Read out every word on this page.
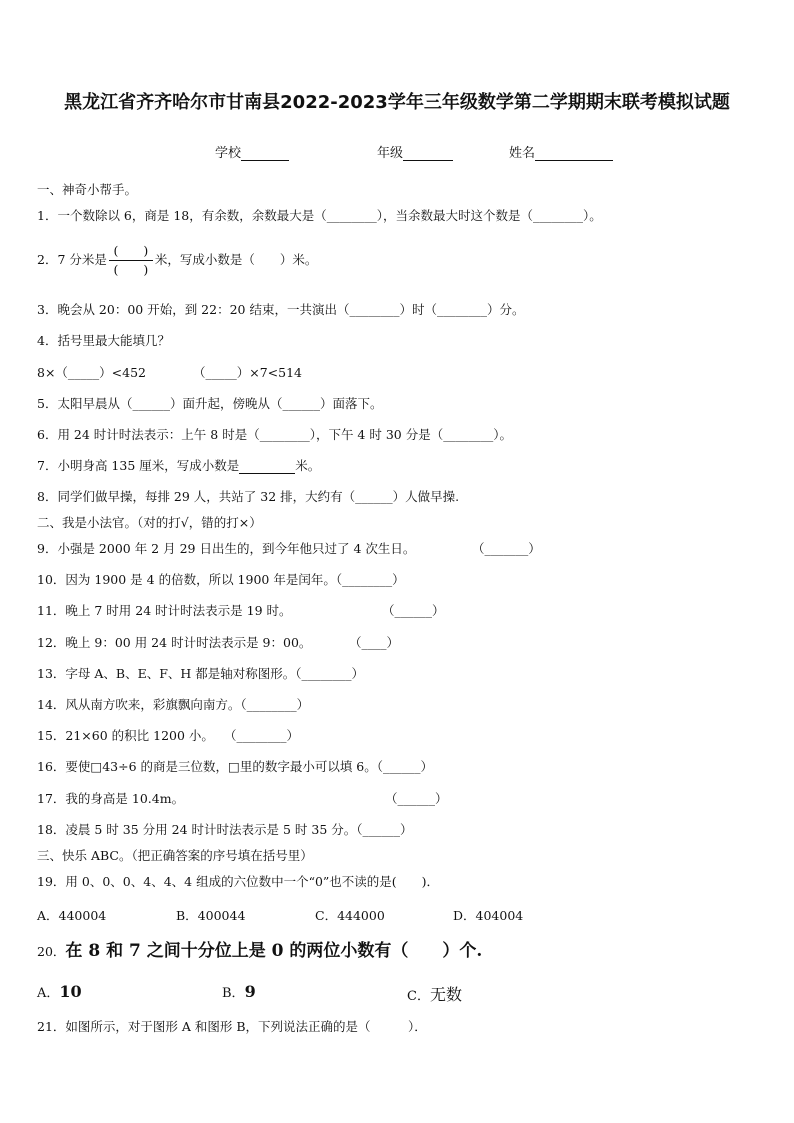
黑龙江省齐齐哈尔市甘南县2022-2023学年三年级数学第二学期期末联考模拟试题
学校	年级	姓名
一、神奇小帮手。
1．一个数除以 6，商是 18，有余数，余数最大是（________），当余数最大时这个数是（________）。
2．7 分米是 $\frac{( )}{( )}$ 米，写成小数是（　　）米。
3．晚会从 20：00 开始，到 22：20 结束，一共演出（________）时（________）分。
4．括号里最大能填几？
8×（_____）<452	（_____）×7<514
5．太阳早晨从（______）面升起，傍晚从（______）面落下。
6．用 24 时计时法表示：上午 8 时是（________），下午 4 时 30 分是（________）。
7．小明身高 135 厘米，写成小数是	米。
8．同学们做早操，每排 29 人，共站了 32 排，大约有（______）人做早操.
二、我是小法官。（对的打√，错的打×）
9．小强是 2000 年 2 月 29 日出生的，到今年他只过了 4 次生日。	（_______）
10．因为 1900 是 4 的倍数，所以 1900 年是闰年。（________）
11．晚上 7 时用 24 时计时法表示是 19 时。	（______）
12．晚上 9：00 用 24 时计时法表示是 9：00。	（____）
13．字母 A、B、E、F、H 都是轴对称图形。（________）
14．风从南方吹来，彩旗飘向南方。（________）
15．21×60 的积比 1200 小。 （________）
16．要使□43÷6 的商是三位数，□里的数字最小可以填 6。（______）
17．我的身高是 10.4m。	（______）
18．凌晨 5 时 35 分用 24 时计时法表示是 5 时 35 分。（______）
三、快乐 ABC。（把正确答案的序号填在括号里）
19．用 0、0、0、4、4、4 组成的六位数中一个“0”也不读的是(　　)．
A．440004	B．400044	C．444000	D．404004
20．在 8 和 7 之间十分位上是 0 的两位小数有（　　）个.
A．10	B．9	C．无数
21．如图所示，对于图形 A 和图形 B，下列说法正确的是（　　　）．
